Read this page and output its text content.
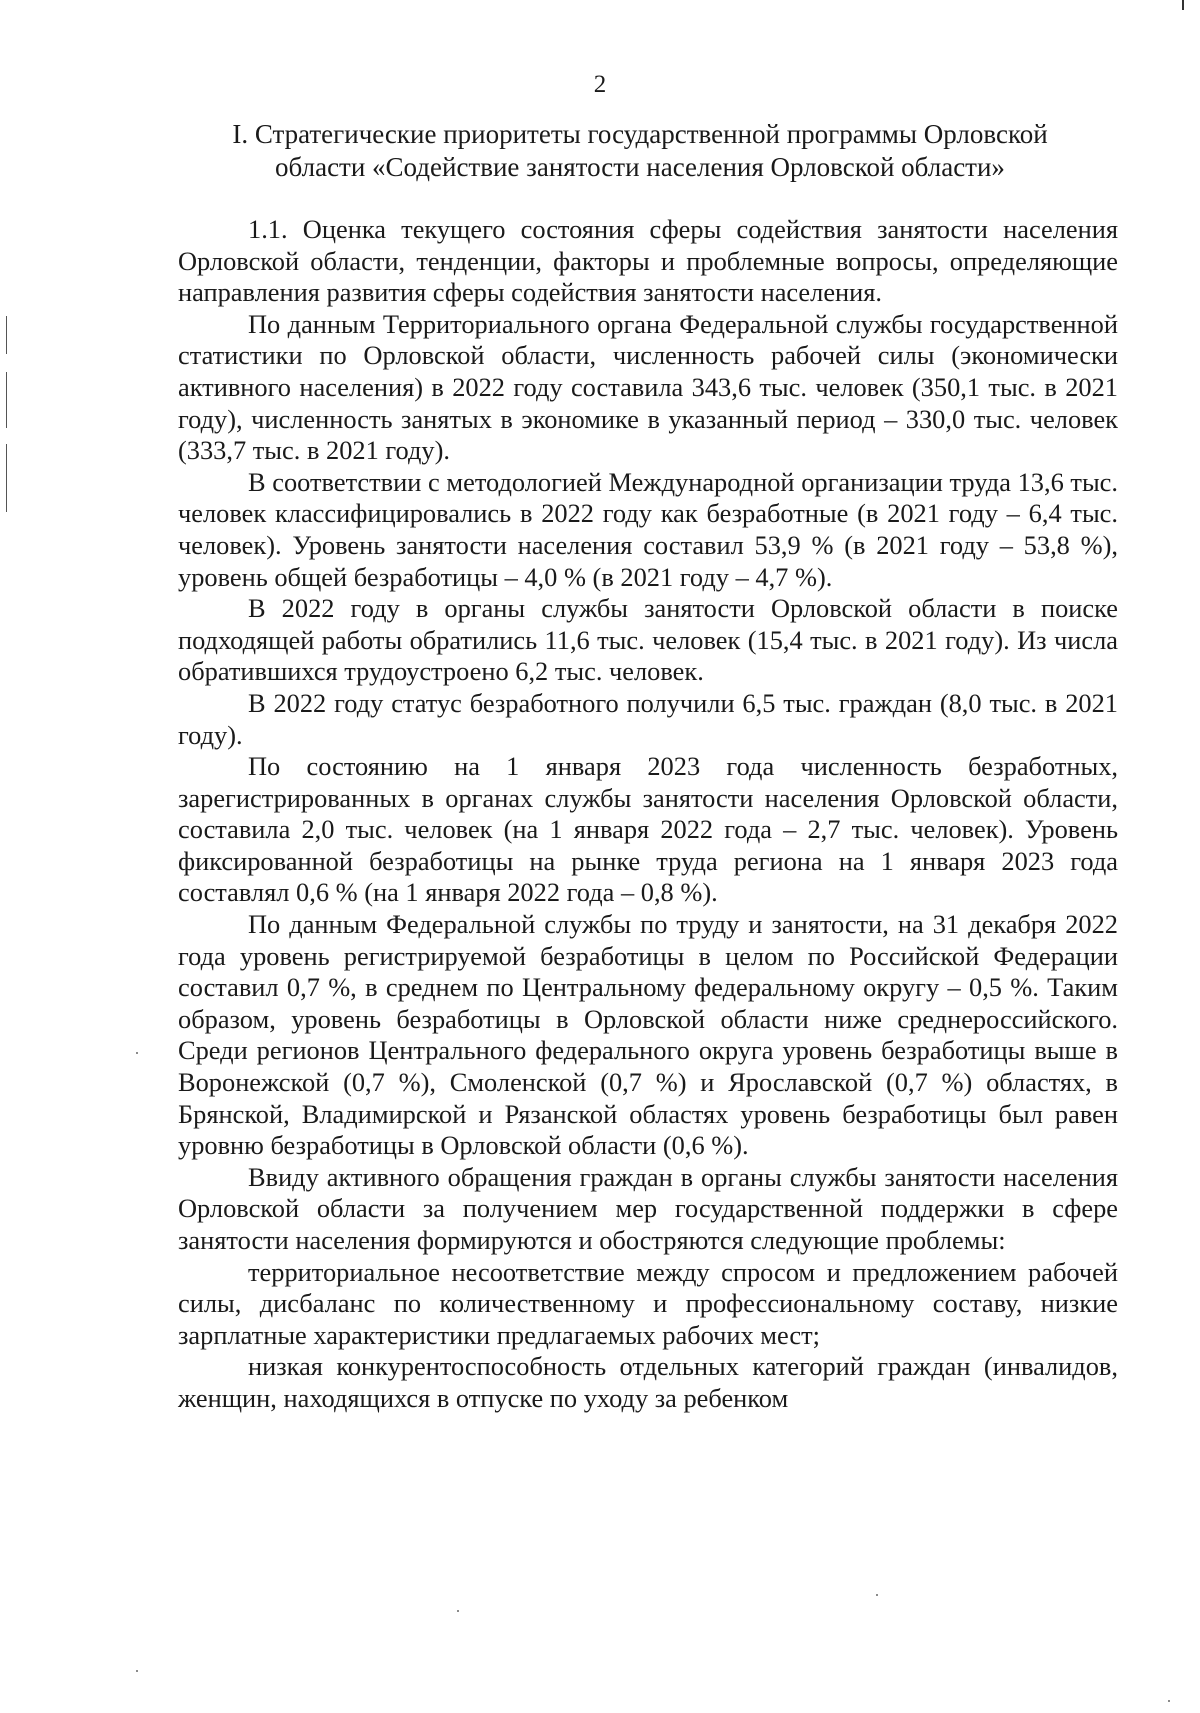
2
I. Стратегические приоритеты государственной программы Орловской
области «Содействие занятости населения Орловской области»

1.1. Оценка текущего состояния сферы содействия занятости населения Орловской области, тенденции, факторы и проблемные вопросы, определяющие направления развития сферы содействия занятости населения.

По данным Территориального органа Федеральной службы государственной статистики по Орловской области, численность рабочей силы (экономически активного населения) в 2022 году составила 343,6 тыс. человек (350,1 тыс. в 2021 году), численность занятых в экономике в указанный период – 330,0 тыс. человек (333,7 тыс. в 2021 году).

В соответствии с методологией Международной организации труда 13,6 тыс. человек классифицировались в 2022 году как безработные (в 2021 году – 6,4 тыс. человек). Уровень занятости населения составил 53,9 % (в 2021 году – 53,8 %), уровень общей безработицы – 4,0 % (в 2021 году – 4,7 %).

В 2022 году в органы службы занятости Орловской области в поиске подходящей работы обратились 11,6 тыс. человек (15,4 тыс. в 2021 году). Из числа обратившихся трудоустроено 6,2 тыс. человек.

В 2022 году статус безработного получили 6,5 тыс. граждан (8,0 тыс. в 2021 году).

По состоянию на 1 января 2023 года численность безработных, зарегистрированных в органах службы занятости населения Орловской области, составила 2,0 тыс. человек (на 1 января 2022 года – 2,7 тыс. человек). Уровень фиксированной безработицы на рынке труда региона на 1 января 2023 года составлял 0,6 % (на 1 января 2022 года – 0,8 %).

По данным Федеральной службы по труду и занятости, на 31 декабря 2022 года уровень регистрируемой безработицы в целом по Российской Федерации составил 0,7 %, в среднем по Центральному федеральному округу – 0,5 %. Таким образом, уровень безработицы в Орловской области ниже среднероссийского. Среди регионов Центрального федерального округа уровень безработицы выше в Воронежской (0,7 %), Смоленской (0,7 %) и Ярославской (0,7 %) областях, в Брянской, Владимирской и Рязанской областях уровень безработицы был равен уровню безработицы в Орловской области (0,6 %).

Ввиду активного обращения граждан в органы службы занятости населения Орловской области за получением мер государственной поддержки в сфере занятости населения формируются и обостряются следующие проблемы:

территориальное несоответствие между спросом и предложением рабочей силы, дисбаланс по количественному и профессиональному составу, низкие зарплатные характеристики предлагаемых рабочих мест;

низкая конкурентоспособность отдельных категорий граждан (инвалидов, женщин, находящихся в отпуске по уходу за ребенком
